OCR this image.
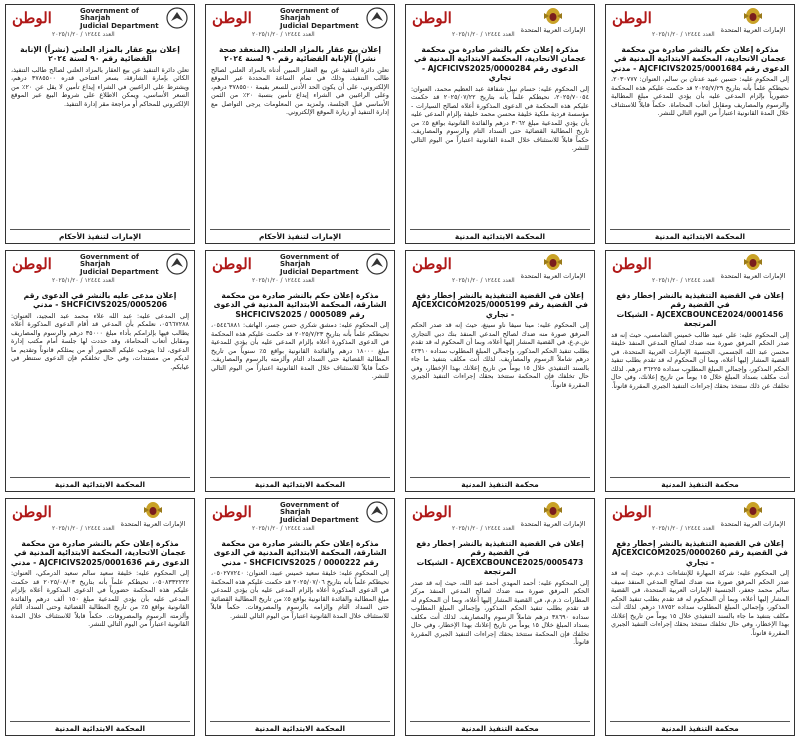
الإمارات العربية المتحدة
الوطن
العدد ١٢٤٤٤ / ٢٠٢٥/١/٢٠
مذكرة إعلان حكم بالنشر صادرة من محكمة عجمان الاتحادية، المحكمة الابتدائية المدنية في الدعوى رقم AJCFICIVS2025/0001684 - مدني
إلى المحكوم عليه: حسين عبيد عدنان بن سالم، العنوان: ٢٠٣٠٧٧٧، نحيطكم علماً بأنه بتاريخ ٢٠٢٥/٧/٢٩ قد حكمت عليكم هذه المحكمة حضورياً بإلزام المدعى عليه بأن يؤدي للمدعي مبلغ المطالبة والرسوم والمصاريف ومقابل أتعاب المحاماة. حكماً قابلاً للاستئناف خلال المدة القانونية اعتباراً من اليوم التالي للنشر.
المحكمة الابتدائية المدنية
الإمارات العربية المتحدة
الوطن
العدد ١٢٤٤٤ / ٢٠٢٥/١/٢٠
مذكرة إعلان حكم بالنشر صادرة من محكمة عجمان الاتحادية، المحكمة الابتدائية المدنية في الدعوى رقم AJCFICIVS2025/0000284 - تجاري
إلى المحكوم عليه: حسام نبيل شفاقة عبد العظيم محمد، العنوان: ٢٠٢٥/٧٠٠٥٤، نحيطكم علماً بأنه بتاريخ ٢٠٢٥/٠٧/٢٢ قد حكمت عليكم هذه المحكمة في الدعوى المذكورة أعلاه لصالح السيارات - مؤسسة فردية ملكية خليفة محسن محمد خليفة بإلزام المدعى عليه بأن يؤدي للمدعية مبلغ ٣٠٦٢ درهم والفائدة القانونية بواقع ٥٪ من تاريخ المطالبة القضائية حتى السداد التام والرسوم والمصاريف. حكماً قابلاً للاستئناف خلال المدة القانونية اعتباراً من اليوم التالي للنشر.
المحكمة الابتدائية المدنية
Government of Sharjah
Judicial Department
الوطن
العدد ١٢٤٤٤ / ٢٠٢٥/١/٢٠
إعلان بيع عقار بالمزاد العلني (المنعقد صحة نشراً) الإنابة القضائية رقم ٩٠ لسنة ٢٠٢٤
تعلن دائرة التنفيذ عن بيع العقار المبين أدناه بالمزاد العلني لصالح طالب التنفيذ، وذلك في تمام الساعة المحددة عبر الموقع الإلكتروني، على أن يكون الحد الأدنى للسعر بقيمة ٣٧٨٥٥٠٠ درهم، وعلى الراغبين في الشراء إيداع تأمين بنسبة ٢٠٪ من الثمن الأساسي قبل الجلسة، ولمزيد من المعلومات يرجى التواصل مع إدارة التنفيذ أو زيارة الموقع الإلكتروني.
الإمارات لتنفيذ الأحكام
Government of Sharjah
Judicial Department
الوطن
العدد ١٢٤٤٤ / ٢٠٢٥/١/٢٠
إعلان بيع عقار بالمزاد العلني (نشراً) الإنابة القضائية رقم ٩٠ لسنة ٢٠٢٤
تعلن دائرة التنفيذ عن بيع العقار بالمزاد العلني لصالح طالب التنفيذ، الكائن بإمارة الشارقة، بسعر افتتاحي قدره ٣٧٨٥٥٠٠ درهم، ويشترط على الراغبين في الشراء إيداع تأمين لا يقل عن ٢٠٪ من السعر الأساسي، ويمكن الاطلاع على شروط البيع عبر الموقع الإلكتروني للمحاكم أو مراجعة مقر إدارة التنفيذ.
الإمارات لتنفيذ الأحكام
الإمارات العربية المتحدة
الوطن
العدد ١٢٤٤٤ / ٢٠٢٥/١/٢٠
إعلان في القضية التنفيذية بالنشر إخطار دفع في القضية رقم AJCEXCBOUNCE2024/0001456 - الشيكات المرتجعة
إلى المحكوم عليه: علي عبيد طالب خميس الشامسي، حيث إنه قد صدر الحكم المرفق صورة منه ضدك لصالح المدعي المنفذ خليفة محسن عبد الله الجسمي، الجنسية الإمارات العربية المتحدة، في القضية المشار إليها أعلاه، وبما أن المحكوم له قد تقدم بطلب تنفيذ الحكم المذكور، وإجمالي المبلغ المطلوب سداده ٣٦٢٢٥ درهم. لذلك أنت مكلف بسداد المبلغ خلال ١٥ يوماً من تاريخ إعلانك، وفي حال تخلفك عن ذلك ستتخذ بحقك إجراءات التنفيذ الجبري المقررة قانوناً.
محكمة التنفيذ المدنية
الإمارات العربية المتحدة
الوطن
العدد ١٢٤٤٤ / ٢٠٢٥/١/٢٠
إعلان في القضية التنفيذية بالنشر إخطار دفع في القضية رقم AJCEXCICOM2025/0005199 - تجاري
إلى المحكوم عليه: مينا سيفا ناو سينغ، حيث إنه قد صدر الحكم المرفق صورة منه ضدك لصالح المدعي المنفذ بنك دبي التجاري ش.م.ع، في القضية المشار إليها أعلاه، وبما أن المحكوم له قد تقدم بطلب تنفيذ الحكم المذكور، وإجمالي المبلغ المطلوب سداده ٤٢٣١٠ درهم شاملاً الرسوم والمصاريف. لذلك أنت مكلف بتنفيذ ما جاء بالسند التنفيذي خلال ١٥ يوماً من تاريخ إعلانك بهذا الإخطار، وفي حال تخلفك فإن المحكمة ستتخذ بحقك إجراءات التنفيذ الجبري المقررة قانوناً.
محكمة التنفيذ المدنية
Government of Sharjah
Judicial Department
الوطن
العدد ١٢٤٤٤ / ٢٠٢٥/١/٢٠
مذكرة إعلان حكم بالنشر صادرة من محكمة الشارقة، المحكمة الابتدائية المدنية في الدعوى رقم SHCFICIVS2025 / 0005089
إلى المحكوم عليه: دمشق شكري حسن جسر، الهاتف: ٠٥٤٤٦٨٨١، نحيطكم علماً بأنه بتاريخ ٢٠٢٥/٧/٢٣ قد حكمت عليكم هذه المحكمة في الدعوى المذكورة أعلاه بإلزام المدعى عليه بأن يؤدي للمدعية مبلغ ١٨٠٠٠ درهم والفائدة القانونية بواقع ٥٪ سنوياً من تاريخ المطالبة القضائية حتى السداد التام وألزمته بالرسوم والمصاريف. حكماً قابلاً للاستئناف خلال المدة القانونية اعتباراً من اليوم التالي للنشر.
المحكمة الابتدائية المدنية
Government of Sharjah
Judicial Department
الوطن
العدد ١٢٤٤٤ / ٢٠٢٥/١/٢٠
إعلان مدعى عليه بالنشر في الدعوى رقم SHCFICIVS2025/0005206 - مدني
إلى المدعى عليه: عبد الله علاء محمد عبد المجيد، العنوان: ٠٥٦٦٧٢٨٨، نعلمكم بأن المدعي قد أقام الدعوى المذكورة أعلاه يطالب فيها بإلزامكم بأداء مبلغ ٣٥٠٠٠ درهم والرسوم والمصاريف ومقابل أتعاب المحاماة، وقد حددت لها جلسة أمام مكتب إدارة الدعوى، لذا يتوجب عليكم الحضور أو من يمثلكم قانوناً وتقديم ما لديكم من مستندات، وفي حال تخلفكم فإن الدعوى ستنظر في غيابكم.
المحكمة الابتدائية المدنية
الإمارات العربية المتحدة
الوطن
العدد ١٢٤٤٤ / ٢٠٢٥/١/٢٠
إعلان في القضية التنفيذية بالنشر إخطار دفع في القضية رقم AJCEXCICOM2025/0000260 - تجاري
إلى المحكوم عليه: شركة المهارة للإنشاءات ذ.م.م، حيث إنه قد صدر الحكم المرفق صورة منه ضدك لصالح المدعي المنفذ سيف سالم محمد جعفر، الجنسية الإمارات العربية المتحدة، في القضية المشار إليها أعلاه، وبما أن المحكوم له قد تقدم بطلب تنفيذ الحكم المذكور، وإجمالي المبلغ المطلوب سداده ١٨٧٥٢ درهم. لذلك أنت مكلف بتنفيذ ما جاء بالسند التنفيذي خلال ١٥ يوماً من تاريخ إعلانك بهذا الإخطار، وفي حال تخلفك ستتخذ بحقك إجراءات التنفيذ الجبري المقررة قانوناً.
محكمة التنفيذ المدنية
الإمارات العربية المتحدة
الوطن
العدد ١٢٤٤٤ / ٢٠٢٥/١/٢٠
إعلان في القضية التنفيذية بالنشر إخطار دفع في القضية رقم AJCEXCBOUNCE2025/0005473 - الشيكات المرتجعة
إلى المحكوم عليه: أحمد المهدي أحمد عبد الله، حيث إنه قد صدر الحكم المرفق صورة منه ضدك لصالح المدعي المنفذ مركز المطارات ذ.م.م، في القضية المشار إليها أعلاه، وبما أن المحكوم له قد تقدم بطلب تنفيذ الحكم المذكور، وإجمالي المبلغ المطلوب سداده ٣٨٦٩٠ درهم شاملاً الرسوم والمصاريف. لذلك أنت مكلف بسداد المبلغ خلال ١٥ يوماً من تاريخ إعلانك بهذا الإخطار، وفي حال تخلفك فإن المحكمة ستتخذ بحقك إجراءات التنفيذ الجبري المقررة قانوناً.
محكمة التنفيذ المدنية
Government of Sharjah
Judicial Department
الوطن
العدد ١٢٤٤٤ / ٢٠٢٥/١/٢٠
مذكرة إعلان حكم بالنشر صادرة من محكمة الشارقة، المحكمة الابتدائية المدنية في الدعوى رقم SHCFICIVS2025 / 0000222 - مدني
إلى المحكوم عليه: خليفة سعيد خميس عبيد، العنوان: ٠٥٠٢٧٧٢٤٠، نحيطكم علماً بأنه بتاريخ ٢٠٢٥/٠٧/٠٦ قد حكمت عليكم هذه المحكمة في الدعوى المذكورة أعلاه بإلزام المدعى عليه بأن يؤدي للمدعي مبلغ المطالبة والفائدة القانونية بواقع ٥٪ من تاريخ المطالبة القضائية حتى السداد التام وإلزامه بالرسوم والمصروفات. حكماً قابلاً للاستئناف خلال المدة القانونية اعتباراً من اليوم التالي للنشر.
المحكمة الابتدائية المدنية
الإمارات العربية المتحدة
الوطن
العدد ١٢٤٤٤ / ٢٠٢٥/١/٢٠
مذكرة إعلان حكم بالنشر صادرة من محكمة عجمان الاتحادية، المحكمة الابتدائية المدنية في الدعوى رقم AJCFICIVS2025/0001636 - مدني
إلى المحكوم عليه: خليفة سعيد سالم سعيد الدرمكي، العنوان: ٠٥٠٨٣٣٢٢٢٢، نحيطكم علماً بأنه بتاريخ ٢٠٢٥/٠٨/٠٣ قد حكمت عليكم هذه المحكمة حضورياً في الدعوى المذكورة أعلاه بإلزام المدعى عليه بأن يؤدي للمدعية مبلغ ١٥٠ ألف درهم والفائدة القانونية بواقع ٥٪ من تاريخ المطالبة القضائية وحتى السداد التام وألزمته الرسوم والمصروفات. حكماً قابلاً للاستئناف خلال المدة القانونية اعتباراً من اليوم التالي للنشر.
المحكمة الابتدائية المدنية
